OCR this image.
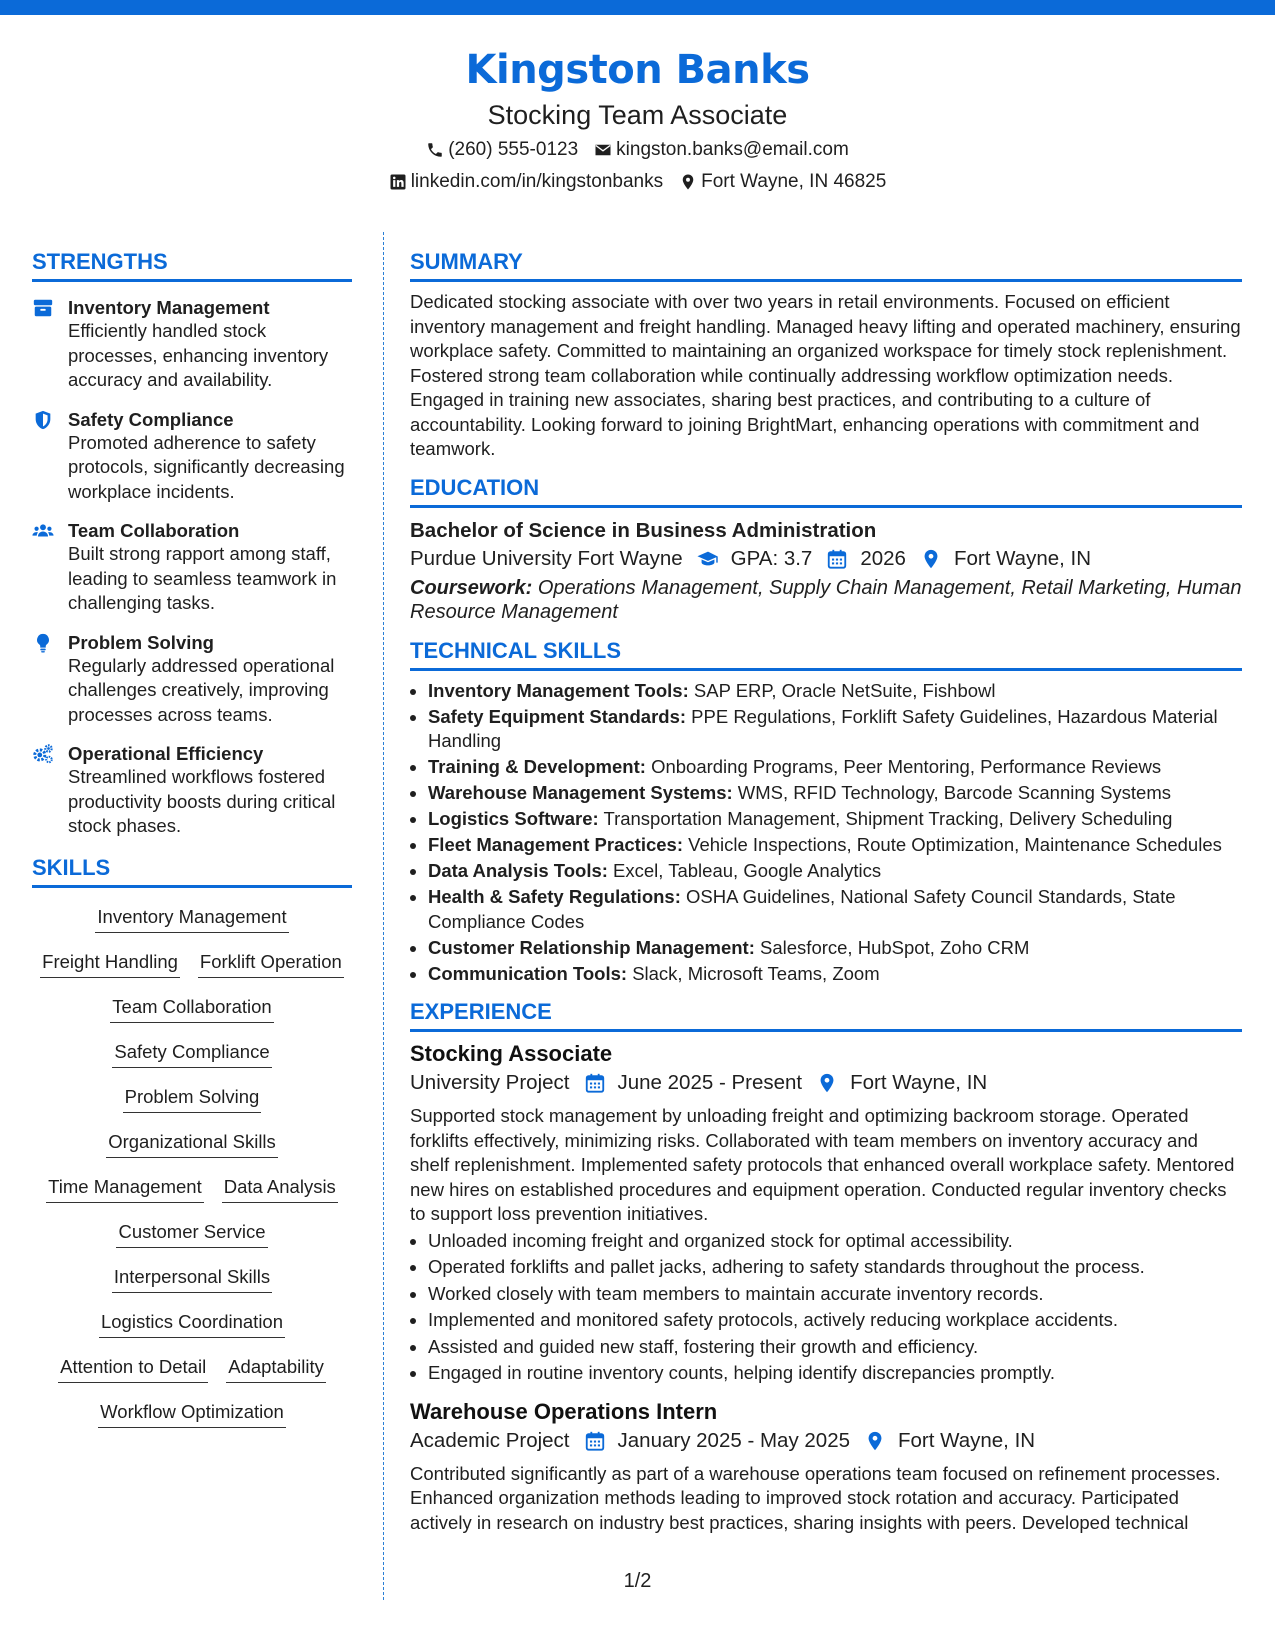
Kingston Banks
Stocking Team Associate
(260) 555-0123 kingston.banks@email.com
linkedin.com/in/kingstonbanks Fort Wayne, IN 46825
STRENGTHS
Inventory Management
Efficiently handled stock processes, enhancing inventory accuracy and availability.
Safety Compliance
Promoted adherence to safety protocols, significantly decreasing workplace incidents.
Team Collaboration
Built strong rapport among staff, leading to seamless teamwork in challenging tasks.
Problem Solving
Regularly addressed operational challenges creatively, improving processes across teams.
Operational Efficiency
Streamlined workflows fostered productivity boosts during critical stock phases.
SKILLS
Inventory Management
Freight Handling Forklift Operation
Team Collaboration
Safety Compliance
Problem Solving
Organizational Skills
Time Management Data Analysis
Customer Service
Interpersonal Skills
Logistics Coordination
Attention to Detail Adaptability
Workflow Optimization
SUMMARY
Dedicated stocking associate with over two years in retail environments. Focused on efficient inventory management and freight handling. Managed heavy lifting and operated machinery, ensuring workplace safety. Committed to maintaining an organized workspace for timely stock replenishment. Fostered strong team collaboration while continually addressing workflow optimization needs. Engaged in training new associates, sharing best practices, and contributing to a culture of accountability. Looking forward to joining BrightMart, enhancing operations with commitment and teamwork.
EDUCATION
Bachelor of Science in Business Administration
Purdue University Fort Wayne GPA: 3.7 2026 Fort Wayne, IN
Coursework: Operations Management, Supply Chain Management, Retail Marketing, Human Resource Management
TECHNICAL SKILLS
• Inventory Management Tools: SAP ERP, Oracle NetSuite, Fishbowl
• Safety Equipment Standards: PPE Regulations, Forklift Safety Guidelines, Hazardous Material Handling
• Training & Development: Onboarding Programs, Peer Mentoring, Performance Reviews
• Warehouse Management Systems: WMS, RFID Technology, Barcode Scanning Systems
• Logistics Software: Transportation Management, Shipment Tracking, Delivery Scheduling
• Fleet Management Practices: Vehicle Inspections, Route Optimization, Maintenance Schedules
• Data Analysis Tools: Excel, Tableau, Google Analytics
• Health & Safety Regulations: OSHA Guidelines, National Safety Council Standards, State Compliance Codes
• Customer Relationship Management: Salesforce, HubSpot, Zoho CRM
• Communication Tools: Slack, Microsoft Teams, Zoom
EXPERIENCE
Stocking Associate
University Project June 2025 - Present Fort Wayne, IN
Supported stock management by unloading freight and optimizing backroom storage. Operated forklifts effectively, minimizing risks. Collaborated with team members on inventory accuracy and shelf replenishment. Implemented safety protocols that enhanced overall workplace safety. Mentored new hires on established procedures and equipment operation. Conducted regular inventory checks to support loss prevention initiatives.
• Unloaded incoming freight and organized stock for optimal accessibility.
• Operated forklifts and pallet jacks, adhering to safety standards throughout the process.
• Worked closely with team members to maintain accurate inventory records.
• Implemented and monitored safety protocols, actively reducing workplace accidents.
• Assisted and guided new staff, fostering their growth and efficiency.
• Engaged in routine inventory counts, helping identify discrepancies promptly.
Warehouse Operations Intern
Academic Project January 2025 - May 2025 Fort Wayne, IN
Contributed significantly as part of a warehouse operations team focused on refinement processes. Enhanced organization methods leading to improved stock rotation and accuracy. Participated actively in research on industry best practices, sharing insights with peers. Developed technical
1/2
